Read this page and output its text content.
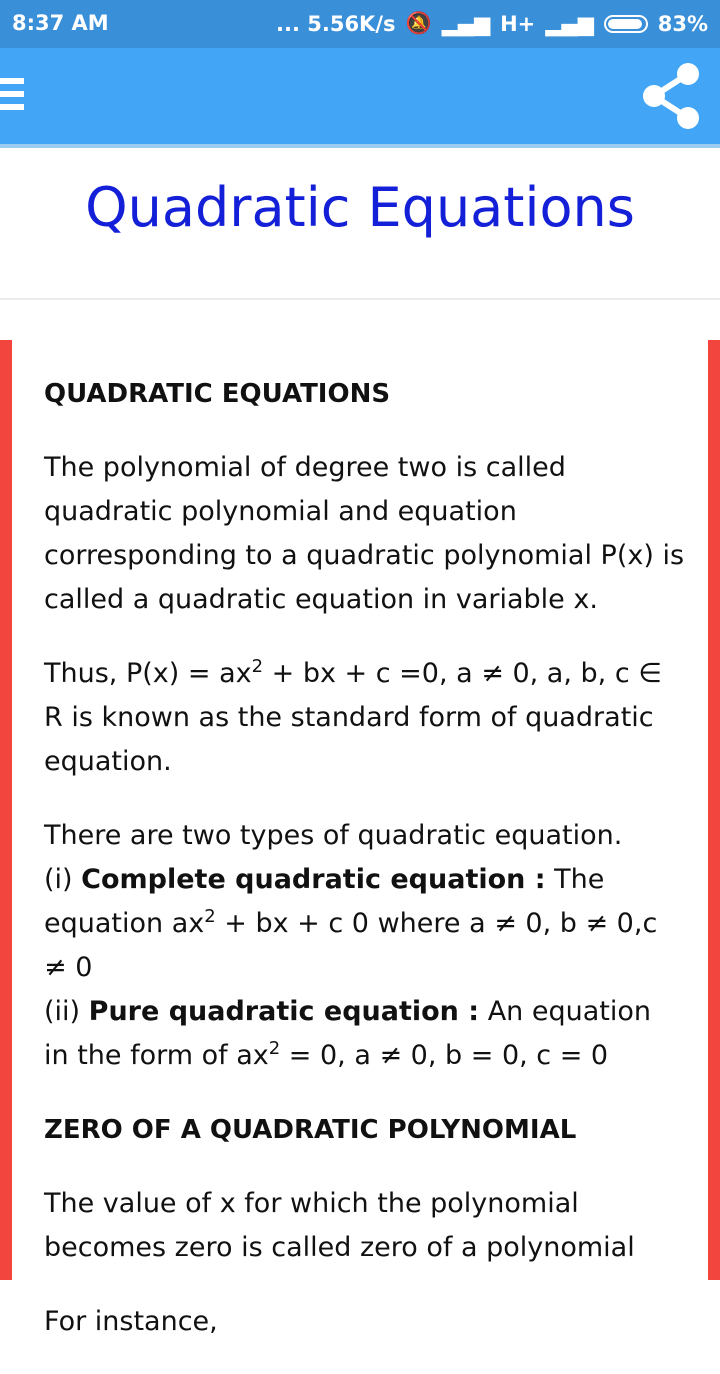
8:37 AM	... 5.56K/s 🔕 ▂▄▆ H+ ▂▄▆	83%
Quadratic Equations

QUADRATIC EQUATIONS

The polynomial of degree two is called quadratic polynomial and equation corresponding to a quadratic polynomial P(x) is called a quadratic equation in variable x.

Thus, $P(x) = ax^2$ + bx + c =0, a ≠ 0, a, b, c ∈ R is known as the standard form of quadratic equation.

There are two types of quadratic equation.
(i) Complete quadratic equation : The equation $ax^2$ + bx + c 0 where a ≠ 0, b ≠ 0,c ≠ 0
(ii) Pure quadratic equation : An equation in the form of $ax^2 = 0$, a ≠ 0, b = 0, c = 0

ZERO OF A QUADRATIC POLYNOMIAL

The value of x for which the polynomial becomes zero is called zero of a polynomial

For instance,
